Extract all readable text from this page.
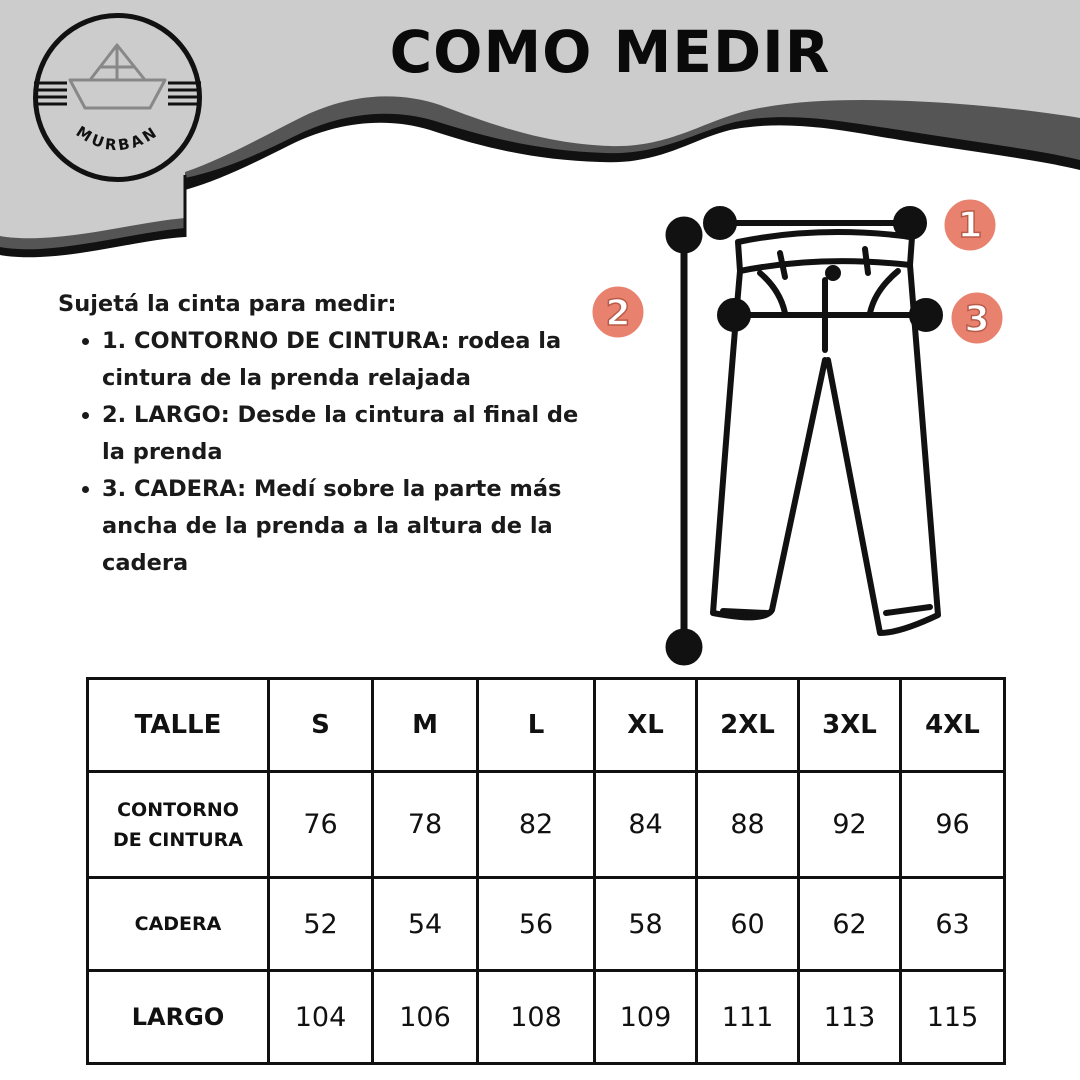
MURBAN
COMO MEDIR
Sujetá la cinta para medir:
• 1. CONTORNO DE CINTURA: rodea la cintura de la prenda relajada
• 2. LARGO: Desde la cintura al final de la prenda
• 3. CADERA: Medí sobre la parte más ancha de la prenda a la altura de la cadera
1
2	3
TALLE	S	M	L	XL	2XL	3XL	4XL

CONTORNO
DE CINTURA	76	78	82	84	88	92	96
CADERA	52	54	56	58	60	62	63
LARGO	104	106	108	109	111	113	115
